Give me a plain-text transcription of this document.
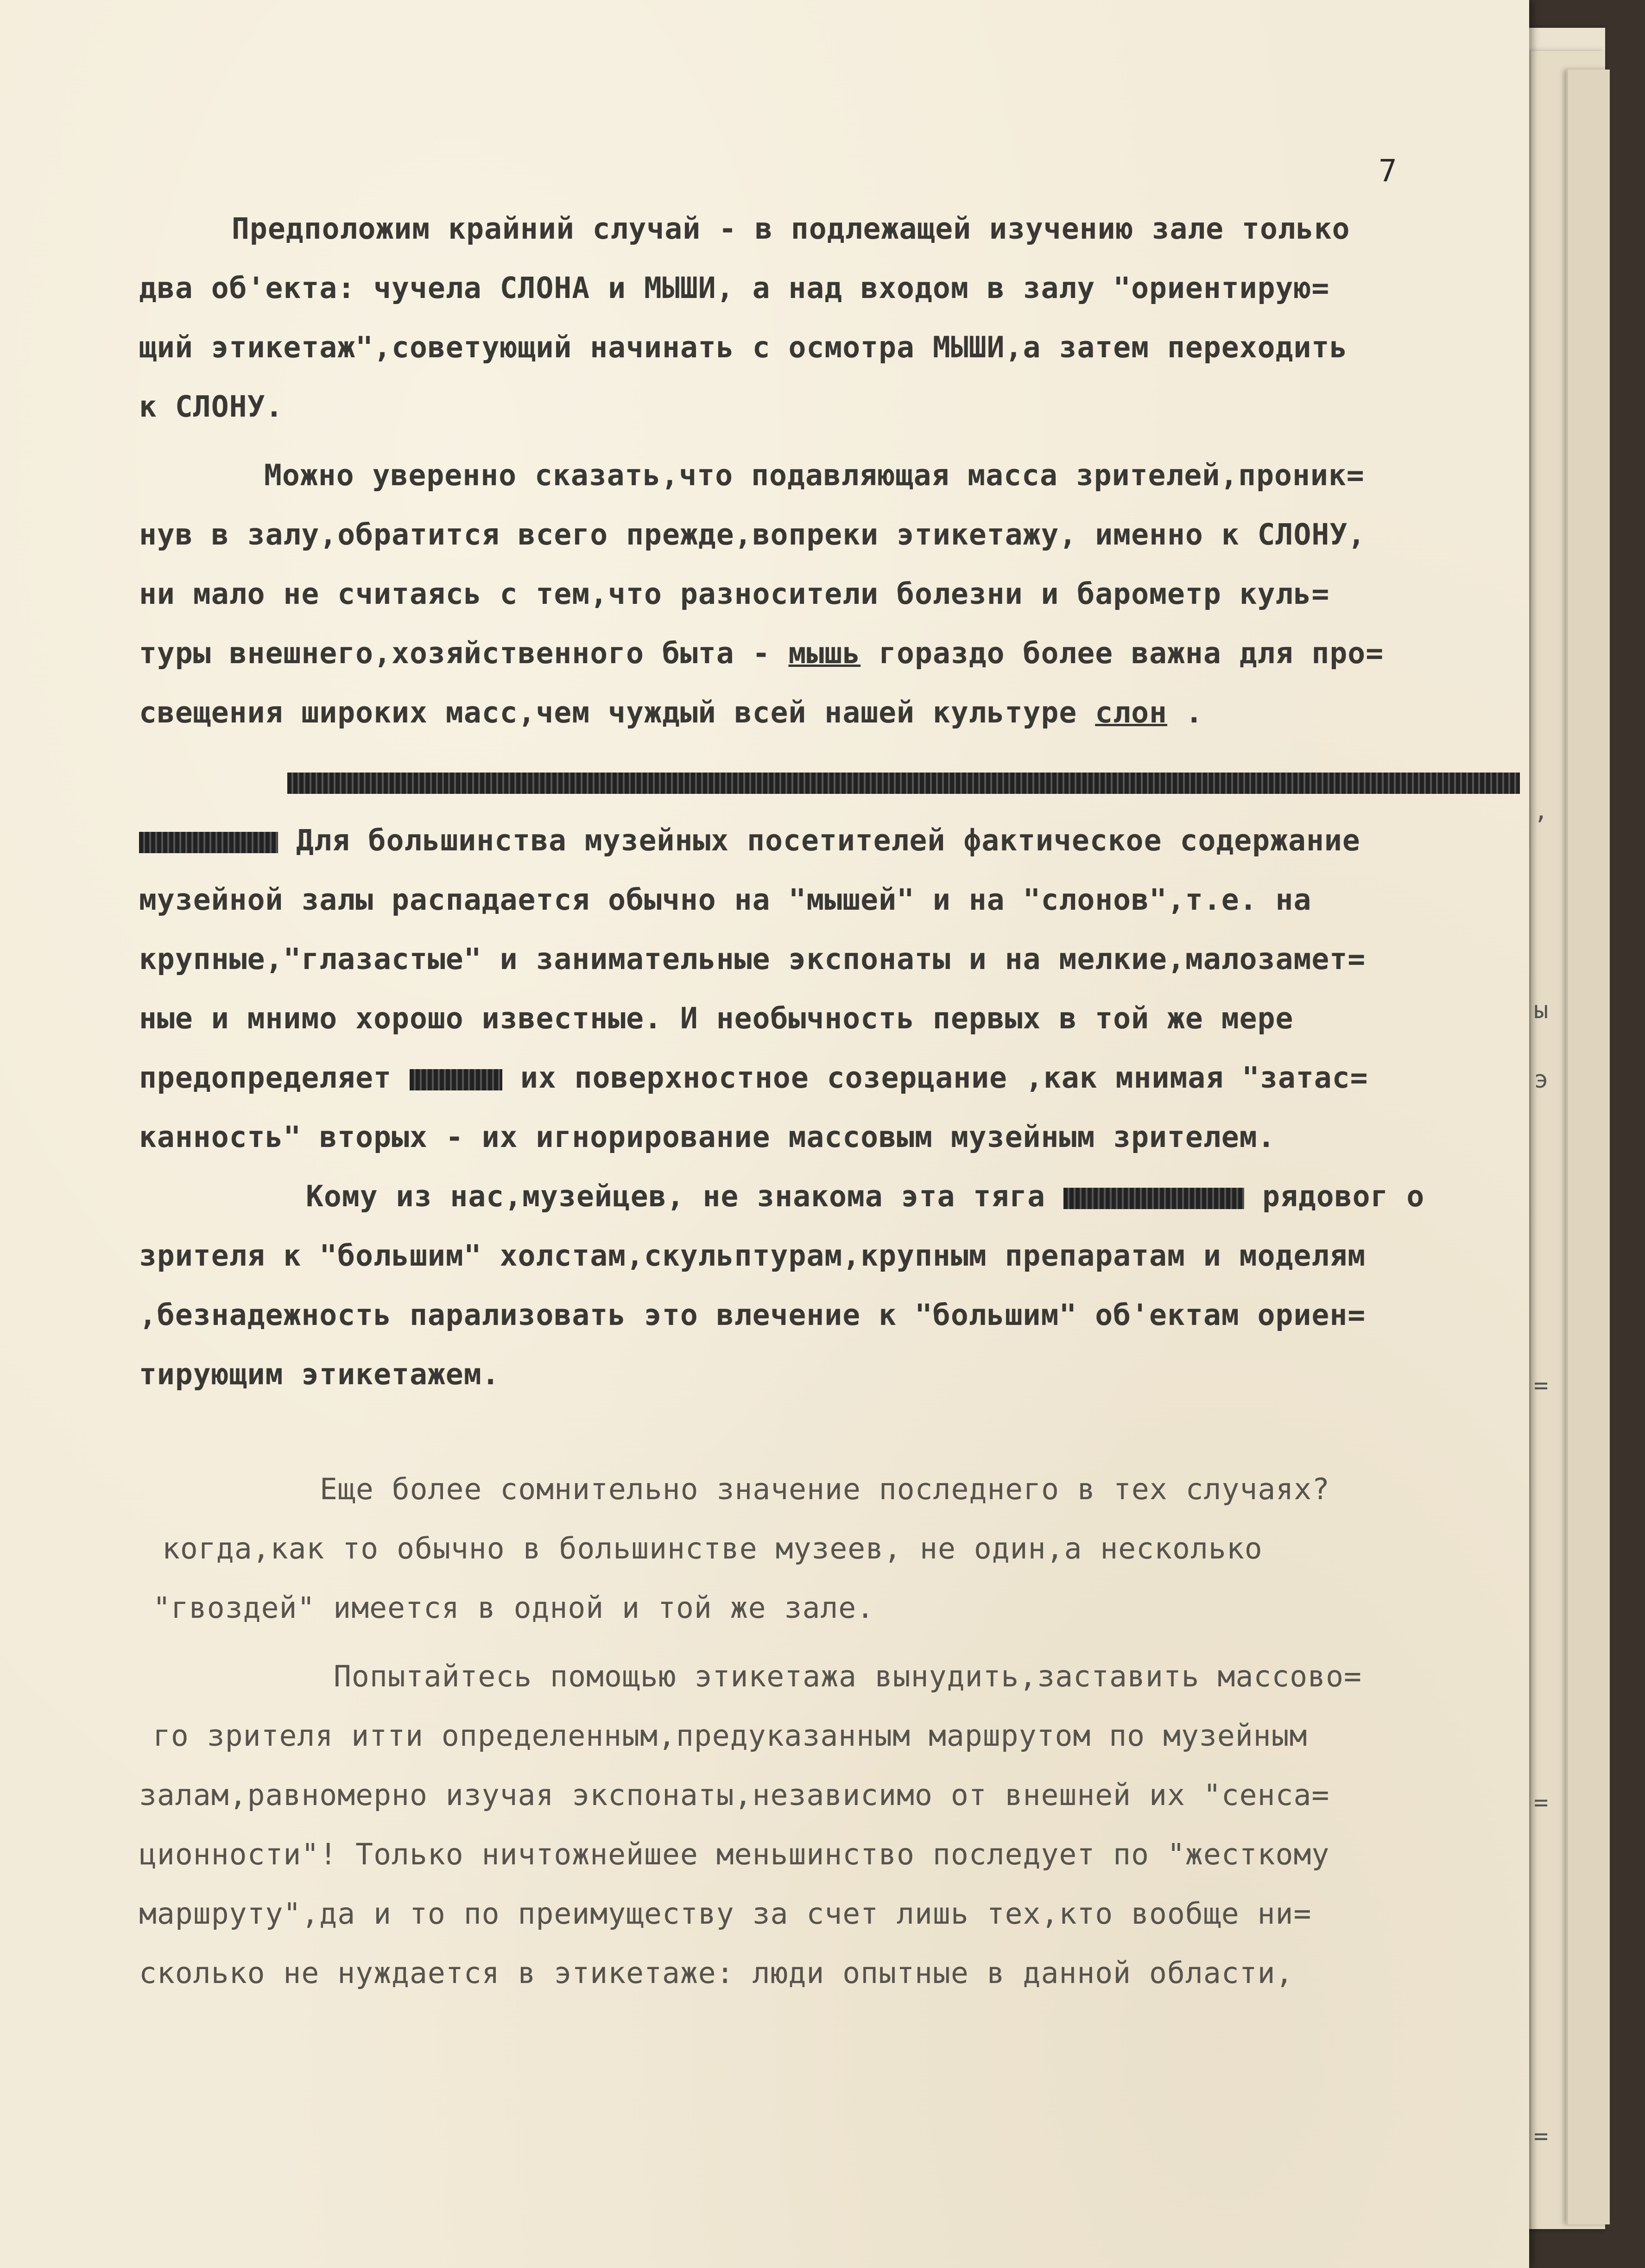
,
ы
э
=
=
=
7
Предположим крайний случай - в подлежащей изучению зале только
два об'екта: чучела СЛОНА и МЫШИ, а над входом в залу "ориентирую=
щий этикетаж",советующий начинать с осмотра МЫШИ,а затем переходить
к СЛОНУ.
Можно уверенно сказать,что подавляющая масса зрителей,проник=
нув в залу,обратится всего прежде,вопреки этикетажу, именно к СЛОНУ,
ни мало не считаясь с тем,что разносители болезни и барометр куль=
туры внешнего,хозяйственного быта - мышь гораздо более важна для про=
свещения широких масс,чем чуждый всей нашей культуре слон .
Для большинства музейных посетителей фактическое содержание
музейной залы распадается обычно на "мышей" и на "слонов",т.е. на
крупные,"глазастые" и занимательные экспонаты и на мелкие,малозамет=
ные и мнимо хорошо известные. И необычность первых в той же мере
предопределяет	их поверхностное созерцание ,как мнимая "затас=
канность" вторых - их игнорирование массовым музейным зрителем.
Кому из нас,музейцев, не знакома эта тяга	рядовог о
зрителя к "большим" холстам,скульптурам,крупным препаратам и моделям
,безнадежность парализовать это влечение к "большим" об'ектам ориен=
тирующим этикетажем.
Еще более сомнительно значение последнего в тех случаях?
когда,как то обычно в большинстве музеев, не один,а несколько
"гвоздей" имеется в одной и той же зале.
Попытайтесь помощью этикетажа вынудить,заставить массово=
го зрителя итти определенным,предуказанным маршрутом по музейным
залам,равномерно изучая экспонаты,независимо от внешней их "сенса=
ционности"! Только ничтожнейшее меньшинство последует по "жесткому
маршруту",да и то по преимуществу за счет лишь тех,кто вообще ни=
сколько не нуждается в этикетаже: люди опытные в данной области,
